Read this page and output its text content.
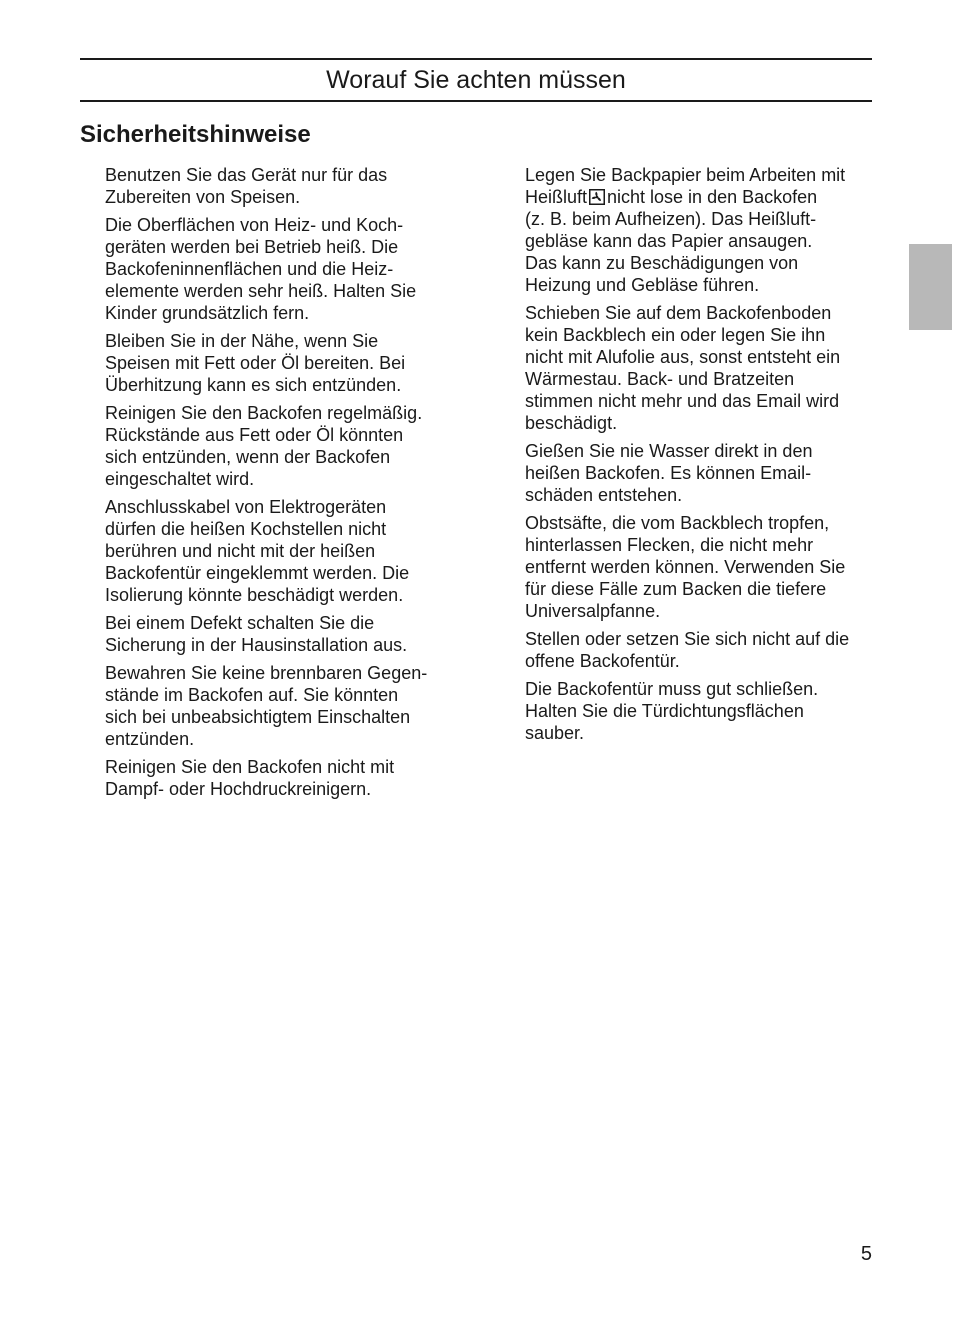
Worauf Sie achten müssen
Sicherheitshinweise

Benutzen Sie das Gerät nur für das
Zubereiten von Speisen.

Die Oberflächen von Heiz- und Koch-
geräten werden bei Betrieb heiß. Die
Backofeninnenflächen und die Heiz-
elemente werden sehr heiß. Halten Sie
Kinder grundsätzlich fern.

Bleiben Sie in der Nähe, wenn Sie
Speisen mit Fett oder Öl bereiten. Bei
Überhitzung kann es sich entzünden.

Reinigen Sie den Backofen regelmäßig.
Rückstände aus Fett oder Öl könnten
sich entzünden, wenn der Backofen
eingeschaltet wird.

Anschlusskabel von Elektrogeräten
dürfen die heißen Kochstellen nicht
berühren und nicht mit der heißen
Backofentür eingeklemmt werden. Die
Isolierung könnte beschädigt werden.

Bei einem Defekt schalten Sie die
Sicherung in der Hausinstallation aus.

Bewahren Sie keine brennbaren Gegen-
stände im Backofen auf. Sie könnten
sich bei unbeabsichtigtem Einschalten
entzünden.

Reinigen Sie den Backofen nicht mit
Dampf- oder Hochdruckreinigern.

Legen Sie Backpapier beim Arbeiten mit
Heißluft nicht lose in den Backofen
(z. B. beim Aufheizen). Das Heißluft-
gebläse kann das Papier ansaugen.
Das kann zu Beschädigungen von
Heizung und Gebläse führen.

Schieben Sie auf dem Backofenboden
kein Backblech ein oder legen Sie ihn
nicht mit Alufolie aus, sonst entsteht ein
Wärmestau. Back- und Bratzeiten
stimmen nicht mehr und das Email wird
beschädigt.

Gießen Sie nie Wasser direkt in den
heißen Backofen. Es können Email-
schäden entstehen.

Obstsäfte, die vom Backblech tropfen,
hinterlassen Flecken, die nicht mehr
entfernt werden können. Verwenden Sie
für diese Fälle zum Backen die tiefere
Universalpfanne.

Stellen oder setzen Sie sich nicht auf die
offene Backofentür.

Die Backofentür muss gut schließen.
Halten Sie die Türdichtungsflächen
sauber.

5
